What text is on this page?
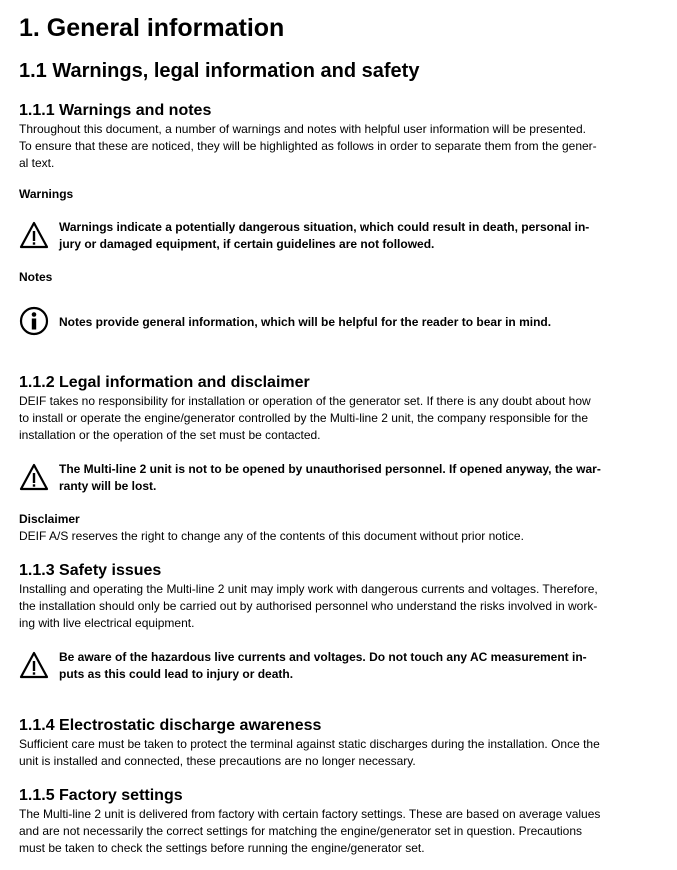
1. General information
1.1 Warnings, legal information and safety
1.1.1 Warnings and notes
Throughout this document, a number of warnings and notes with helpful user information will be presented.
To ensure that these are noticed, they will be highlighted as follows in order to separate them from the gener-
al text.
Warnings
Warnings indicate a potentially dangerous situation, which could result in death, personal in-
jury or damaged equipment, if certain guidelines are not followed.
Notes
Notes provide general information, which will be helpful for the reader to bear in mind.
1.1.2 Legal information and disclaimer
DEIF takes no responsibility for installation or operation of the generator set. If there is any doubt about how
to install or operate the engine/generator controlled by the Multi-line 2 unit, the company responsible for the
installation or the operation of the set must be contacted.
The Multi-line 2 unit is not to be opened by unauthorised personnel. If opened anyway, the war-
ranty will be lost.
Disclaimer
DEIF A/S reserves the right to change any of the contents of this document without prior notice.
1.1.3 Safety issues
Installing and operating the Multi-line 2 unit may imply work with dangerous currents and voltages. Therefore,
the installation should only be carried out by authorised personnel who understand the risks involved in work-
ing with live electrical equipment.
Be aware of the hazardous live currents and voltages. Do not touch any AC measurement in-
puts as this could lead to injury or death.
1.1.4 Electrostatic discharge awareness
Sufficient care must be taken to protect the terminal against static discharges during the installation. Once the
unit is installed and connected, these precautions are no longer necessary.
1.1.5 Factory settings
The Multi-line 2 unit is delivered from factory with certain factory settings. These are based on average values
and are not necessarily the correct settings for matching the engine/generator set in question. Precautions
must be taken to check the settings before running the engine/generator set.
